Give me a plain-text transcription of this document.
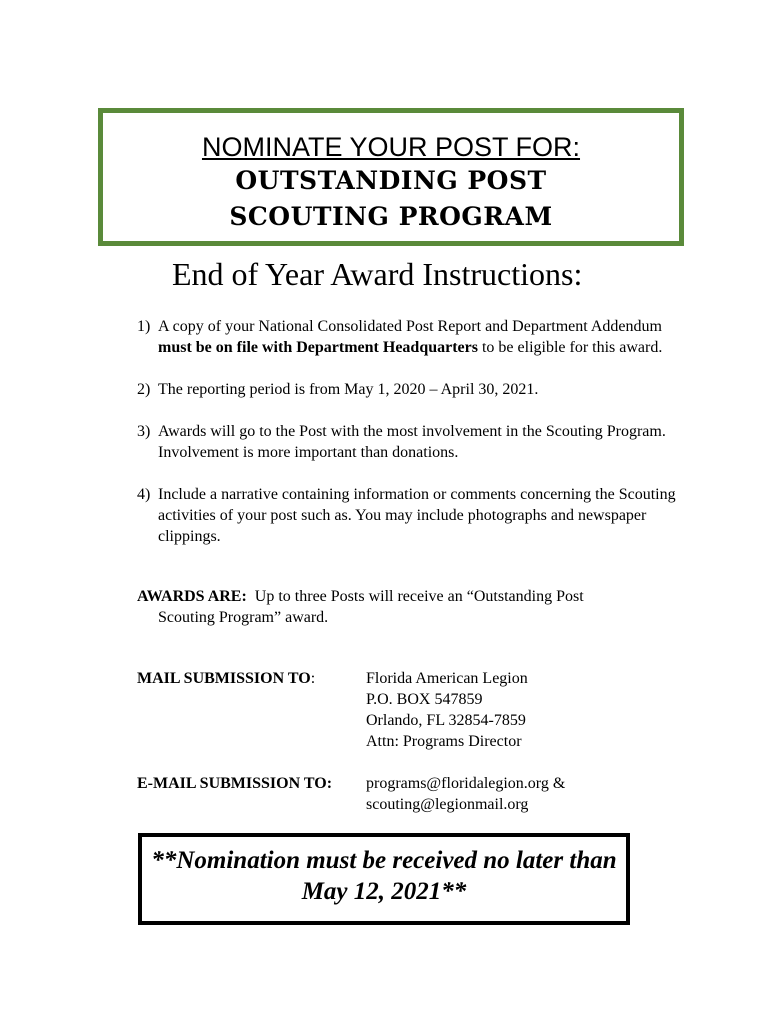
NOMINATE YOUR POST FOR:
OUTSTANDING POST
SCOUTING PROGRAM
End of Year Award Instructions:
1) A copy of your National Consolidated Post Report and Department Addendum must be on file with Department Headquarters to be eligible for this award.
2) The reporting period is from May 1, 2020 – April 30, 2021.
3) Awards will go to the Post with the most involvement in the Scouting Program. Involvement is more important than donations.
4) Include a narrative containing information or comments concerning the Scouting activities of your post such as. You may include photographs and newspaper clippings.
AWARDS ARE:  Up to three Posts will receive an “Outstanding Post
Scouting Program” award.
MAIL SUBMISSION TO:	Florida American Legion
P.O. BOX 547859
Orlando, FL 32854-7859
Attn: Programs Director
E-MAIL SUBMISSION TO: programs@floridalegion.org &
scouting@legionmail.org
**Nomination must be received no later than
May 12, 2021**
